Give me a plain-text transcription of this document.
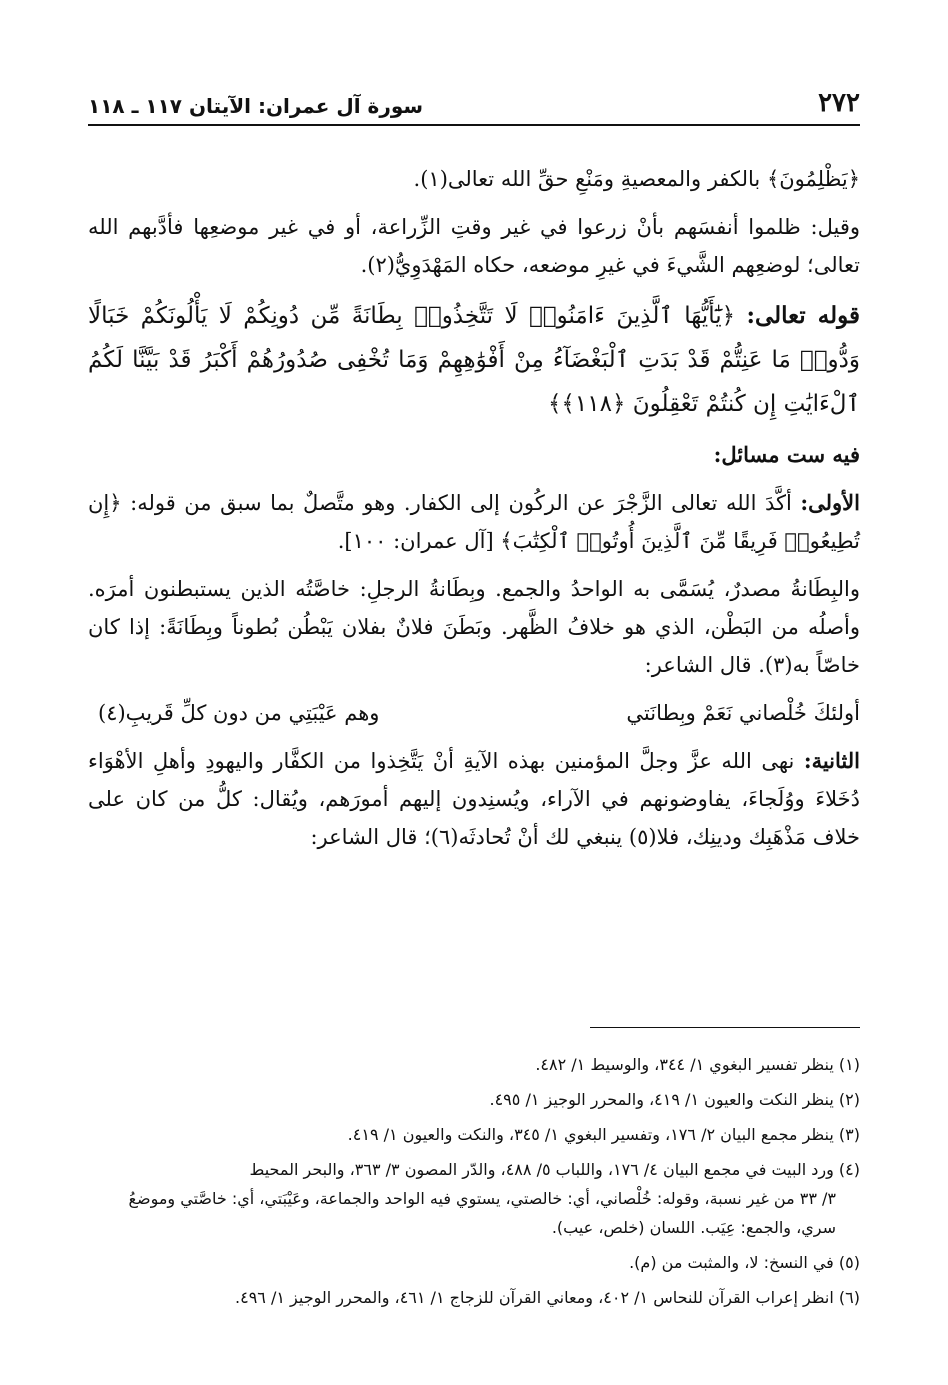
٢٧٢
سورة آل عمران: الآيتان ١١٧ ـ ١١٨

﴿يَظْلِمُونَ﴾ بالكفر والمعصيةِ ومَنْعِ حقِّ الله تعالى(١).

وقيل: ظلموا أنفسَهم بأنْ زرعوا في غير وقتِ الزِّراعة، أو في غير موضعِها فأدَّبهم الله تعالى؛ لوضعِهم الشَّيءَ في غيرِ موضعه، حكاه المَهْدَوِيُّ(٢).

قوله تعالى: ﴿يَٰٓأَيُّهَا ٱلَّذِينَ ءَامَنُوا۟ لَا تَتَّخِذُوا۟ بِطَانَةً مِّن دُونِكُمْ لَا يَأْلُونَكُمْ خَبَالًا وَدُّوا۟ مَا عَنِتُّمْ قَدْ بَدَتِ ٱلْبَغْضَآءُ مِنْ أَفْوَٰهِهِمْ وَمَا تُخْفِى صُدُورُهُمْ أَكْبَرُ قَدْ بَيَّنَّا لَكُمُ ٱلْءَايَٰتِ إِن كُنتُمْ تَعْقِلُونَ ﴿١١٨﴾﴾

فيه ست مسائل:

الأولى: أكَّدَ الله تعالى الزَّجْرَ عن الركُون إلى الكفار. وهو متَّصلٌ بما سبق من قوله: ﴿إِن تُطِيعُوا۟ فَرِيقًا مِّنَ ٱلَّذِينَ أُوتُوا۟ ٱلْكِتَٰبَ﴾ [آل عمران: ١٠٠].

والبِطَانةُ مصدرٌ، يُسَمَّى به الواحدُ والجمع. وبِطَانةُ الرجلِ: خاصَّتُه الذين يستبطنون أمرَه. وأصلُه من البَطْن، الذي هو خلافُ الظَّهر. وبَطَنَ فلانٌ بفلان يَبْطُن بُطوناً وبِطَانَةً: إذا كان خاصّاً به(٣). قال الشاعر:

أولئكَ خُلْصاني نَعَمْ وبِطانَتي
وهم عَيْبَتِي من دون كلِّ قَريبِ(٤)

الثانية: نهى الله عزَّ وجلَّ المؤمنين بهذه الآيةِ أنْ يَتَّخِذوا من الكفَّار واليهودِ وأهلِ الأهْوَاء دُخَلاءَ ووُلَجاءَ، يفاوضونهم في الآراء، ويُسنِدون إليهم أمورَهم، ويُقال: كلُّ من كان على خلاف مَذْهَبِك ودينِك، فلا(٥) ينبغي لك أنْ تُحادثَه(٦)؛ قال الشاعر:

(١) ينظر تفسير البغوي ١/ ٣٤٤، والوسيط ١/ ٤٨٢.

(٢) ينظر النكت والعيون ١/ ٤١٩، والمحرر الوجيز ١/ ٤٩٥.

(٣) ينظر مجمع البيان ٢/ ١٧٦، وتفسير البغوي ١/ ٣٤٥، والنكت والعيون ١/ ٤١٩.

(٤) ورد البيت في مجمع البيان ٤/ ١٧٦، واللباب ٥/ ٤٨٨، والدّر المصون ٣/ ٣٦٣، والبحر المحيط

٣/ ٣٣ من غير نسبة، وقوله: خُلْصاني، أي: خالصتي، يستوي فيه الواحد والجماعة، وعَيْبَتي، أي: خاصَّتي وموضعُ سري، والجمع: عِيَب. اللسان (خلص، عيب).

(٥) في النسخ: لا، والمثبت من (م).

(٦) انظر إعراب القرآن للنحاس ١/ ٤٠٢، ومعاني القرآن للزجاج ١/ ٤٦١، والمحرر الوجيز ١/ ٤٩٦.
